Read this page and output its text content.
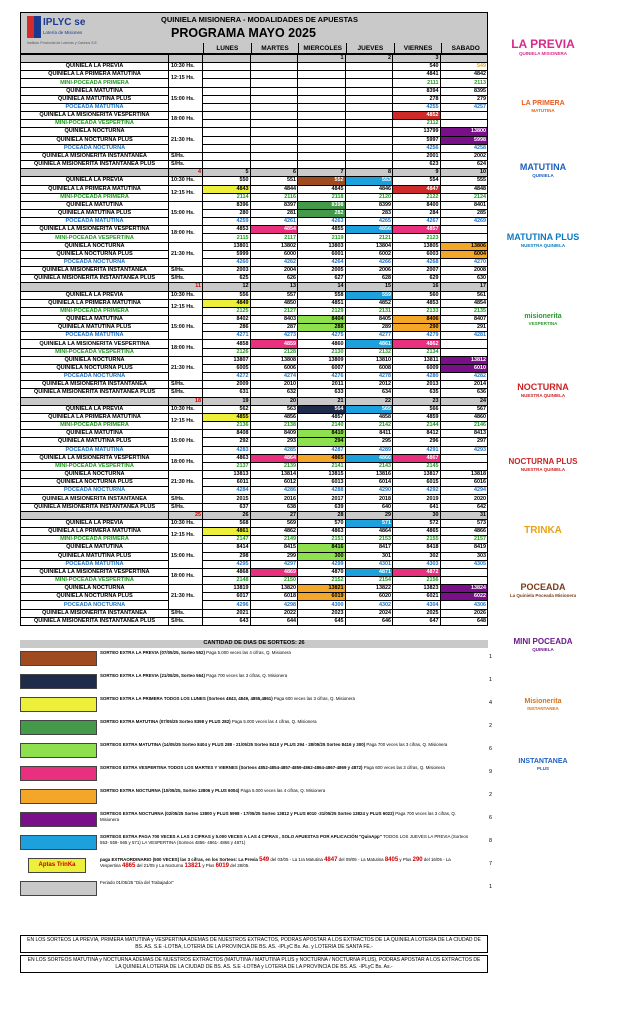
IPLYC se
Lotería de Misiones
Instituto Provincial de Loterías y Casinos S.E.
QUINIELA MISIONERA - MODALIDADES DE APUESTAS
PROGRAMA MAYO 2025
LUNES	MARTES	MIERCOLES	JUEVES	VIERNES	SABADO
				1	2	3	
QUINIELA LA PREVIA	10:30 Hs.					540	549
QUINIELA LA PRIMERA MATUTINA	12:15 Hs.					4841	4842
MINI-POCEADA PRIMERA						2111	2113
QUINIELA MATUTINA	15:00 Hs.					8394	8395
QUINIELA MATUTINA PLUS						278	279
POCEADA MATUTINA						4255	4257
QUINIELA LA MISIONERITA VESPERTINA	18:00 Hs.					4852	
MINI-POCEADA VESPERTINA						2112	
QUINIELA NOCTURNA	21:30 Hs.					13799	13800
QUINIELA NOCTURNA PLUS						5997	5998
POCEADA NOCTURNA						4256	4258
QUINIELA MISIONERITA INSTANTANEA	S/Hs.					2001	2002
QUINIELA MISIONERITA INSTANTANEA PLUS	S/Hs.					623	624
	4	5	6	7	8	9	10
QUINIELA LA PREVIA	10:30 Hs.	550	551	552	553	554	555
QUINIELA LA PRIMERA MATUTINA	12:15 Hs.	4843	4844	4845	4846	4847	4848
MINI-POCEADA PRIMERA		2114	2116	2118	2120	2122	2124
QUINIELA MATUTINA	15:00 Hs.	8396	8397	8398	8399	8400	8401
QUINIELA MATUTINA PLUS		280	281	282	283	284	285
POCEADA MATUTINA		4259	4261	4263	4265	4267	4269
QUINIELA LA MISIONERITA VESPERTINA	18:00 Hs.	4853	4854	4855	4856	4857	
MINI-POCEADA VESPERTINA		2115	2117	2119	2121	2123	
QUINIELA NOCTURNA	21:30 Hs.	13801	13802	13803	13804	13805	13806
QUINIELA NOCTURNA PLUS		5999	6000	6001	6002	6003	6004
POCEADA NOCTURNA		4260	4262	4264	4266	4268	4270
QUINIELA MISIONERITA INSTANTANEA	S/Hs.	2003	2004	2005	2006	2007	2008
QUINIELA MISIONERITA INSTANTANEA PLUS	S/Hs.	625	626	627	628	629	630
	11	12	13	14	15	16	17
QUINIELA LA PREVIA	10:30 Hs.	556	557	558	559	560	561
QUINIELA LA PRIMERA MATUTINA	12:15 Hs.	4849	4850	4851	4852	4853	4854
MINI-POCEADA PRIMERA		2125	2127	2129	2131	2133	2135
QUINIELA MATUTINA	15:00 Hs.	8402	8403	8404	8405	8406	8407
QUINIELA MATUTINA PLUS		286	287	288	289	290	291
POCEADA MATUTINA		4271	4273	4275	4277	4279	4281
QUINIELA LA MISIONERITA VESPERTINA	18:00 Hs.	4858	4859	4860	4861	4862	
MINI-POCEADA VESPERTINA		2126	2128	2130	2132	2134	
QUINIELA NOCTURNA	21:30 Hs.	13807	13808	13809	13810	13811	13812
QUINIELA NOCTURNA PLUS		6005	6006	6007	6008	6009	6010
POCEADA NOCTURNA		4272	4274	4276	4278	4280	4282
QUINIELA MISIONERITA INSTANTANEA	S/Hs.	2009	2010	2011	2012	2013	2014
QUINIELA MISIONERITA INSTANTANEA PLUS	S/Hs.	631	632	633	634	635	636
	18	19	20	21	22	23	24
QUINIELA LA PREVIA	10:30 Hs.	562	563	564	565	566	567
QUINIELA LA PRIMERA MATUTINA	12:15 Hs.	4855	4856	4857	4858	4859	4860
MINI-POCEADA PRIMERA		2136	2138	2140	2142	2144	2146
QUINIELA MATUTINA	15:00 Hs.	8408	8409	8410	8411	8412	8413
QUINIELA MATUTINA PLUS		292	293	294	295	296	297
POCEADA MATUTINA		4283	4285	4287	4289	4291	4293
QUINIELA LA MISIONERITA VESPERTINA	18:00 Hs.	4863	4864	4865	4866	4867	
MINI-POCEADA VESPERTINA		2137	2139	2141	2143	2145	
QUINIELA NOCTURNA	21:30 Hs.	13813	13814	13815	13816	13817	13818
QUINIELA NOCTURNA PLUS		6011	6012	6013	6014	6015	6016
POCEADA NOCTURNA		4284	4286	4288	4290	4292	4294
QUINIELA MISIONERITA INSTANTANEA	S/Hs.	2015	2016	2017	2018	2019	2020
QUINIELA MISIONERITA INSTANTANEA PLUS	S/Hs.	637	638	639	640	641	642
	25	26	27	28	29	30	31
QUINIELA LA PREVIA	10:30 Hs.	568	569	570	571	572	573
QUINIELA LA PRIMERA MATUTINA	12:15 Hs.	4861	4862	4863	4864	4865	4866
MINI-POCEADA PRIMERA		2147	2149	2151	2153	2155	2157
QUINIELA MATUTINA	15:00 Hs.	8414	8415	8416	8417	8418	8419
QUINIELA MATUTINA PLUS		298	299	300	301	302	303
POCEADA MATUTINA		4295	4297	4299	4301	4303	4305
QUINIELA LA MISIONERITA VESPERTINA	18:00 Hs.	4868	4869	4870	4871	4872	
MINI-POCEADA VESPERTINA		2148	2150	2152	2154	2156	
QUINIELA NOCTURNA	21:30 Hs.	13819	13820	13821	13822	13823	13824
QUINIELA NOCTURNA PLUS		6017	6018	6019	6020	6021	6022
POCEADA NOCTURNA		4296	4298	4300	4302	4304	4306
QUINIELA MISIONERITA INSTANTANEA	S/Hs.	2021	2022	2023	2024	2025	2026
QUINIELA MISIONERITA INSTANTANEA PLUS	S/Hs.	643	644	645	646	647	648
CANTIDAD DE DIAS DE SORTEOS: 26
SORTEO EXTRA LA PREVIA (07/05/25, Sorteo 552) Paga 5.000 veces las 4 cifras, Q. Misionera
1
SORTEO EXTRA LA PREVIA (21/05/25, Sorteo 564) Paga 700 veces las 3 cifras, Q. Misionera
1
SORTEO EXTRA LA PRIMERA TODOS LOS LUNES (Sorteos 4843, 4849, 4855,4861) Paga 600 veces las 3 cifras, Q. Misionera
4
SORTEO EXTRA MATUTINA (07/05/25 Sorteo 8398 y PLUS 282) Paga 5.000 veces las 4 cifras, Q. Misionera
2
SORTEOS EXTRA MATUTINA (14/05/25 Sorteo 8404 y PLUS 288 - 21/05/25 Sorteo 8410 y PLUS 294 - 28/05/25 Sorteo 8416 y 300) Paga 700 veces las 3 cifras, Q. Misionera
6
SORTEOS EXTRA VESPERTINA TODOS LOS MARTES Y VIERNES (Sorteos 4852-4854-4857-4859-4862-4864-4867-4869 y 4872) Paga 600 veces las 3 cifras, Q. Misionera
9
SORTEO EXTRA NOCTURNA (10/05/25, Sorteo 13806 y PLUS 6004) Paga 5.000 veces las 4 cifras, Q. Misionera
2
SORTEOS EXTRA NOCTURNA (02/05/25 Sorteo 13800 y PLUS 5998 - 17/05/25 Sorteo 13812 y PLUS 6010 -31/05/25 Sorteo 13824 y PLUS 6022) Paga 700 veces las 3 cifras, Q. Misionera	6
SORTEOS EXTRA PAGA 700 VECES A LAS 3 CIFRAS y 5.000 VECES A LAS 4 CIFRAS , SOLO APUESTAS POR APLICACIÓN "QuinApp" TODOS LOS JUEVES LA PREVIA (Sorteos 553- 559- 565 y 571) LA VESPERTINA (Sorteos 4856- 4861- 4866 y 4871)	8
Aptas TrinKa
paga EXTRAORDINARIO (500 VECES) las 3 cifras, en los Sorteos: La Previa 549 del 03/05 - La 1ra Matutina 4847 del 09/05 - La Matutina 8405 y Plus 290 del 16/05 - La Vespertina 4865 del 21/05 y La Nocturna 13821 y Plus 6019 del 28/05.	7
Feriado 01/05/25 "Día del Trabajador"
1
EN LOS SORTEOS LA PREVIA, PRIMERA MATUTINA y VESPERTINA ADEMAS DE NUESTROS EXTRACTOS, PODRAS APOSTAR A LOS EXTRACTOS DE LA QUINIELA LOTERIA DE LA CIUDAD DE BS. AS. S.E -LOTBA, LOTERIA DE LA PROVINCIA DE BS. AS. -IPLyC Bs. As. y LOTERIA DE SANTA FE.-
EN LOS SORTEOS MATUTINA y NOCTURNA ADEMAS DE NUESTROS EXTRACTOS (MATUTINA / MATUTINA PLUS y NOCTURNA / NOCTURNA PLUS), PODRAS APOSTAR A LOS EXTRACTOS DE LA QUINIELA LOTERIA DE LA CIUDAD DE BS. AS. S.E -LOTBA y LOTERIA DE LA PROVINCIA DE BS. AS. -IPLyC Bs. As.-
LA PREVIA
QUINIELA MISIONERA
LA PRIMERA
MATUTINA
MATUTINA
QUINIELA
MATUTINA PLUS
NUESTRA QUINIELA
misionerita
VESPERTINA
NOCTURNA
NUESTRA QUINIELA
NOCTURNA PLUS
NUESTRA QUINIELA
TRINKA
POCEADA
La Quiniela Poceada Misionera
MINI POCEADA
QUINIELA
Misionerita
INSTANTANEA
INSTANTANEA
PLUS
